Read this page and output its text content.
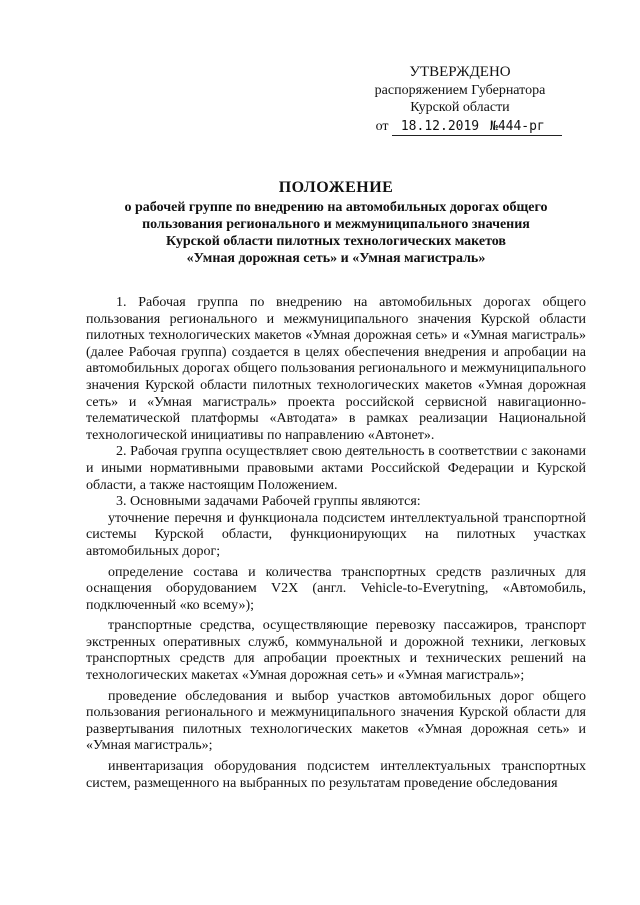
УТВЕРЖДЕНО
распоряжением Губернатора
Курской области
от 18.12.2019 №444-рг
ПОЛОЖЕНИЕ
о рабочей группе по внедрению на автомобильных дорогах общего
пользования регионального и межмуниципального значения
Курской области пилотных технологических макетов
«Умная дорожная сеть» и «Умная магистраль»

1. Рабочая группа по внедрению на автомобильных дорогах общего пользования регионального и межмуниципального значения Курской области пилотных технологических макетов «Умная дорожная сеть» и «Умная магистраль» (далее Рабочая группа) создается в целях обеспечения внедрения и апробации на автомобильных дорогах общего пользования регионального и межмуниципального значения Курской области пилотных технологических макетов «Умная дорожная сеть» и «Умная магистраль» проекта российской сервисной навигационно-телематической платформы «Автодата» в рамках реализации Национальной технологической инициативы по направлению «Автонет».

2. Рабочая группа осуществляет свою деятельность в соответствии с законами и иными нормативными правовыми актами Российской Федерации и Курской области, а также настоящим Положением.

3. Основными задачами Рабочей группы являются:

уточнение перечня и функционала подсистем интеллектуальной транспортной системы Курской области, функционирующих на пилотных участках автомобильных дорог;

определение состава и количества транспортных средств различных для оснащения оборудованием V2X (англ. Vehicle-to-Everytning, «Автомобиль, подключенный «ко всему»);

транспортные средства, осуществляющие перевозку пассажиров, транспорт экстренных оперативных служб, коммунальной и дорожной техники, легковых транспортных средств для апробации проектных и технических решений на технологических макетах «Умная дорожная сеть» и «Умная магистраль»;

проведение обследования и выбор участков автомобильных дорог общего пользования регионального и межмуниципального значения Курской области для развертывания пилотных технологических макетов «Умная дорожная сеть» и «Умная магистраль»;

инвентаризация оборудования подсистем интеллектуальных транспортных систем, размещенного на выбранных по результатам проведение обследования
